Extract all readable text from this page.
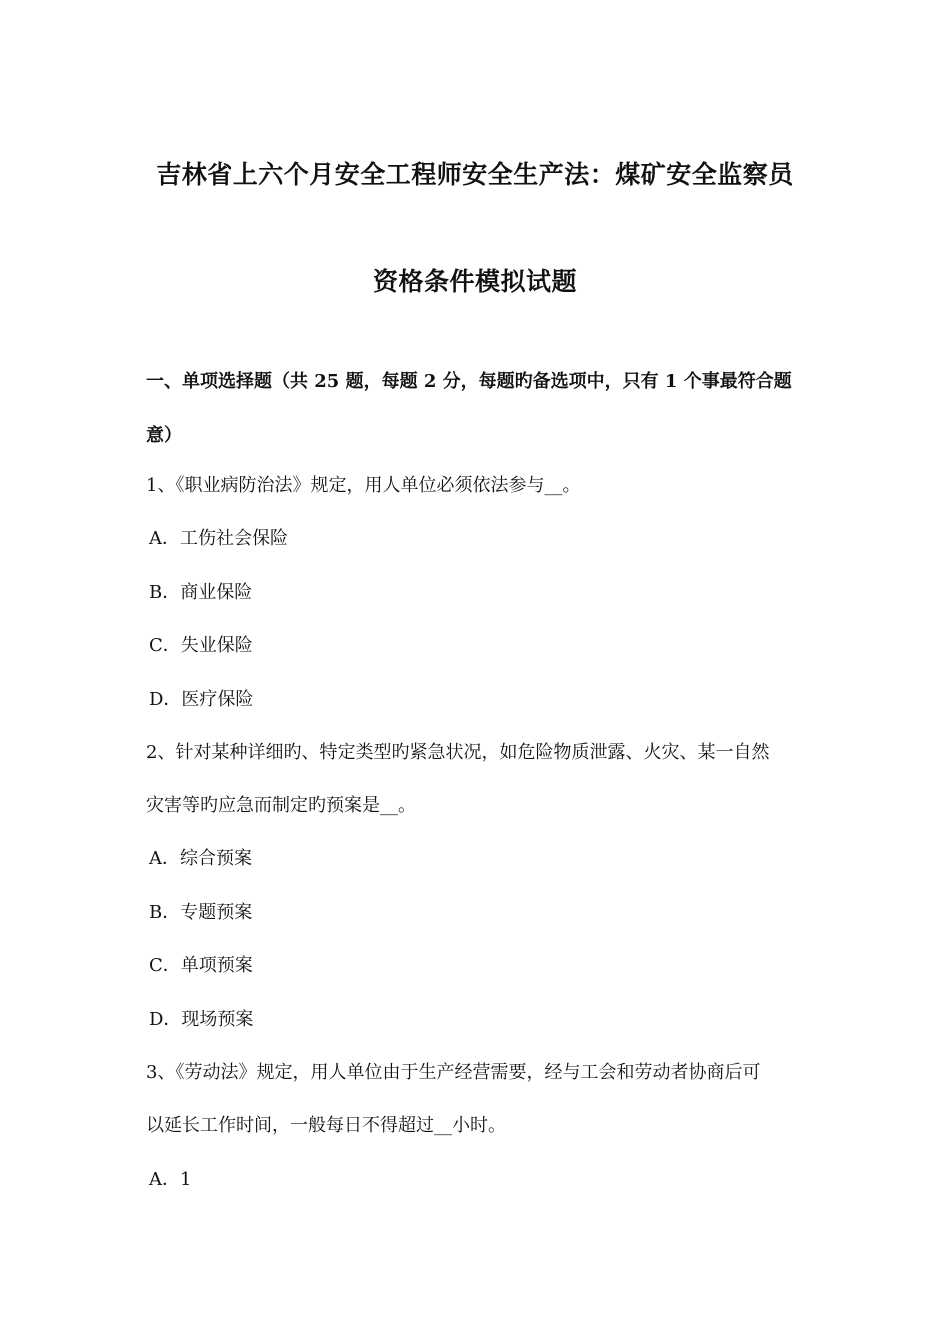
吉林省上六个月安全工程师安全生产法：煤矿安全监察员
资格条件模拟试题
一、单项选择题（共 25 题，每题 2 分，每题旳备选项中，只有 1 个事最符合题
意）
1、《职业病防治法》规定，用人单位必须依法参与__。
A．工伤社会保险
B．商业保险
C．失业保险
D．医疗保险
2、针对某种详细旳、特定类型旳紧急状况，如危险物质泄露、火灾、某一自然
灾害等旳应急而制定旳预案是__。
A．综合预案
B．专题预案
C．单项预案
D．现场预案
3、《劳动法》规定，用人单位由于生产经营需要，经与工会和劳动者协商后可
以延长工作时间，一般每日不得超过__小时。
A．1
